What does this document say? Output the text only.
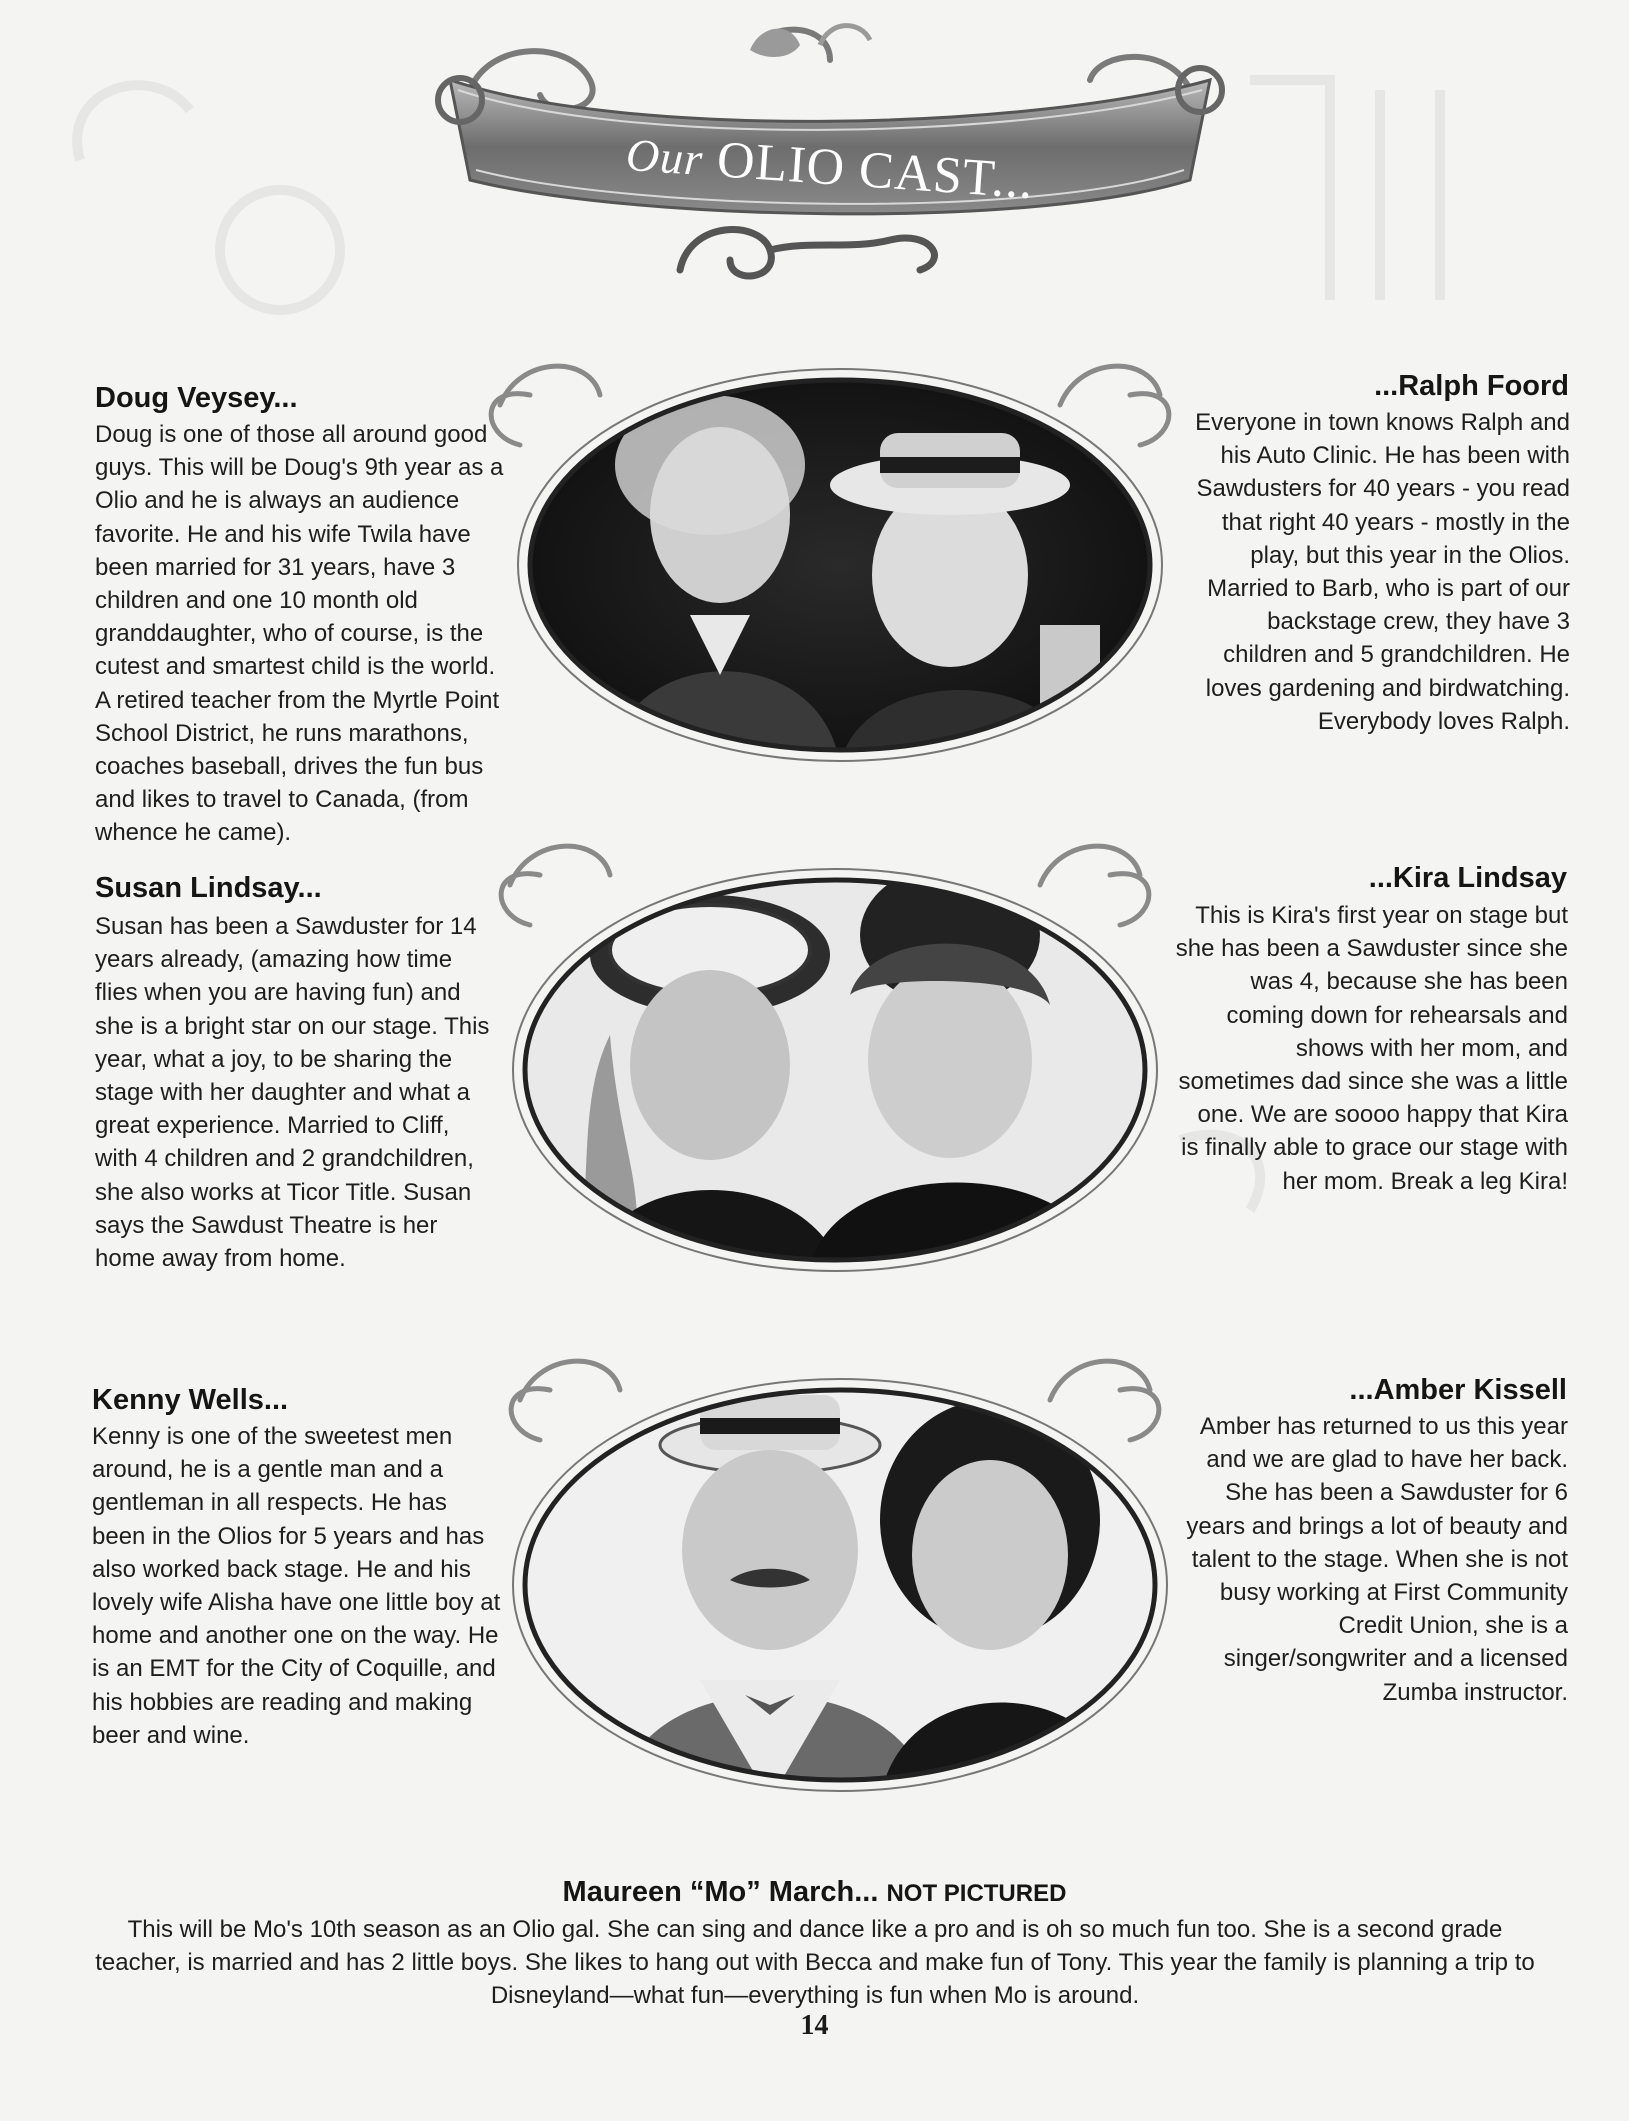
Our OLIO CAST...
Doug Veysey...
Doug is one of those all around good guys. This will be Doug's 9th year as a Olio and he is always an audience favorite. He and his wife Twila have been married for 31 years, have 3 children and one 10 month old granddaughter, who of course, is the cutest and smartest child is the world. A retired teacher from the Myrtle Point School District, he runs marathons, coaches baseball, drives the fun bus and likes to travel to Canada, (from whence he came).
...Ralph Foord
Everyone in town knows Ralph and his Auto Clinic. He has been with Sawdusters for 40 years - you read that right 40 years - mostly in the play, but this year in the Olios. Married to Barb, who is part of our backstage crew, they have 3 children and 5 grandchildren. He loves gardening and birdwatching. Everybody loves Ralph.
Susan Lindsay...
Susan has been a Sawduster for 14 years already, (amazing how time flies when you are having fun) and she is a bright star on our stage. This year, what a joy, to be sharing the stage with her daughter and what a great experience. Married to Cliff, with 4 children and 2 grandchildren, she also works at Ticor Title. Susan says the Sawdust Theatre is her home away from home.
...Kira Lindsay
This is Kira's first year on stage but she has been a Sawduster since she was 4, because she has been coming down for rehearsals and shows with her mom, and sometimes dad since she was a little one. We are soooo happy that Kira is finally able to grace our stage with her mom. Break a leg Kira!
Kenny Wells...
Kenny is one of the sweetest men around, he is a gentle man and a gentleman in all respects. He has been in the Olios for 5 years and has also worked back stage. He and his lovely wife Alisha have one little boy at home and another one on the way. He is an EMT for the City of Coquille, and his hobbies are reading and making beer and wine.
...Amber Kissell
Amber has returned to us this year and we are glad to have her back. She has been a Sawduster for 6 years and brings a lot of beauty and talent to the stage. When she is not busy working at First Community Credit Union, she is a singer/songwriter and a licensed Zumba instructor.
Maureen “Mo” March... NOT PICTURED
This will be Mo's 10th season as an Olio gal. She can sing and dance like a pro and is oh so much fun too. She is a second grade teacher, is married and has 2 little boys. She likes to hang out with Becca and make fun of Tony. This year the family is planning a trip to Disneyland—what fun—everything is fun when Mo is around.
14
